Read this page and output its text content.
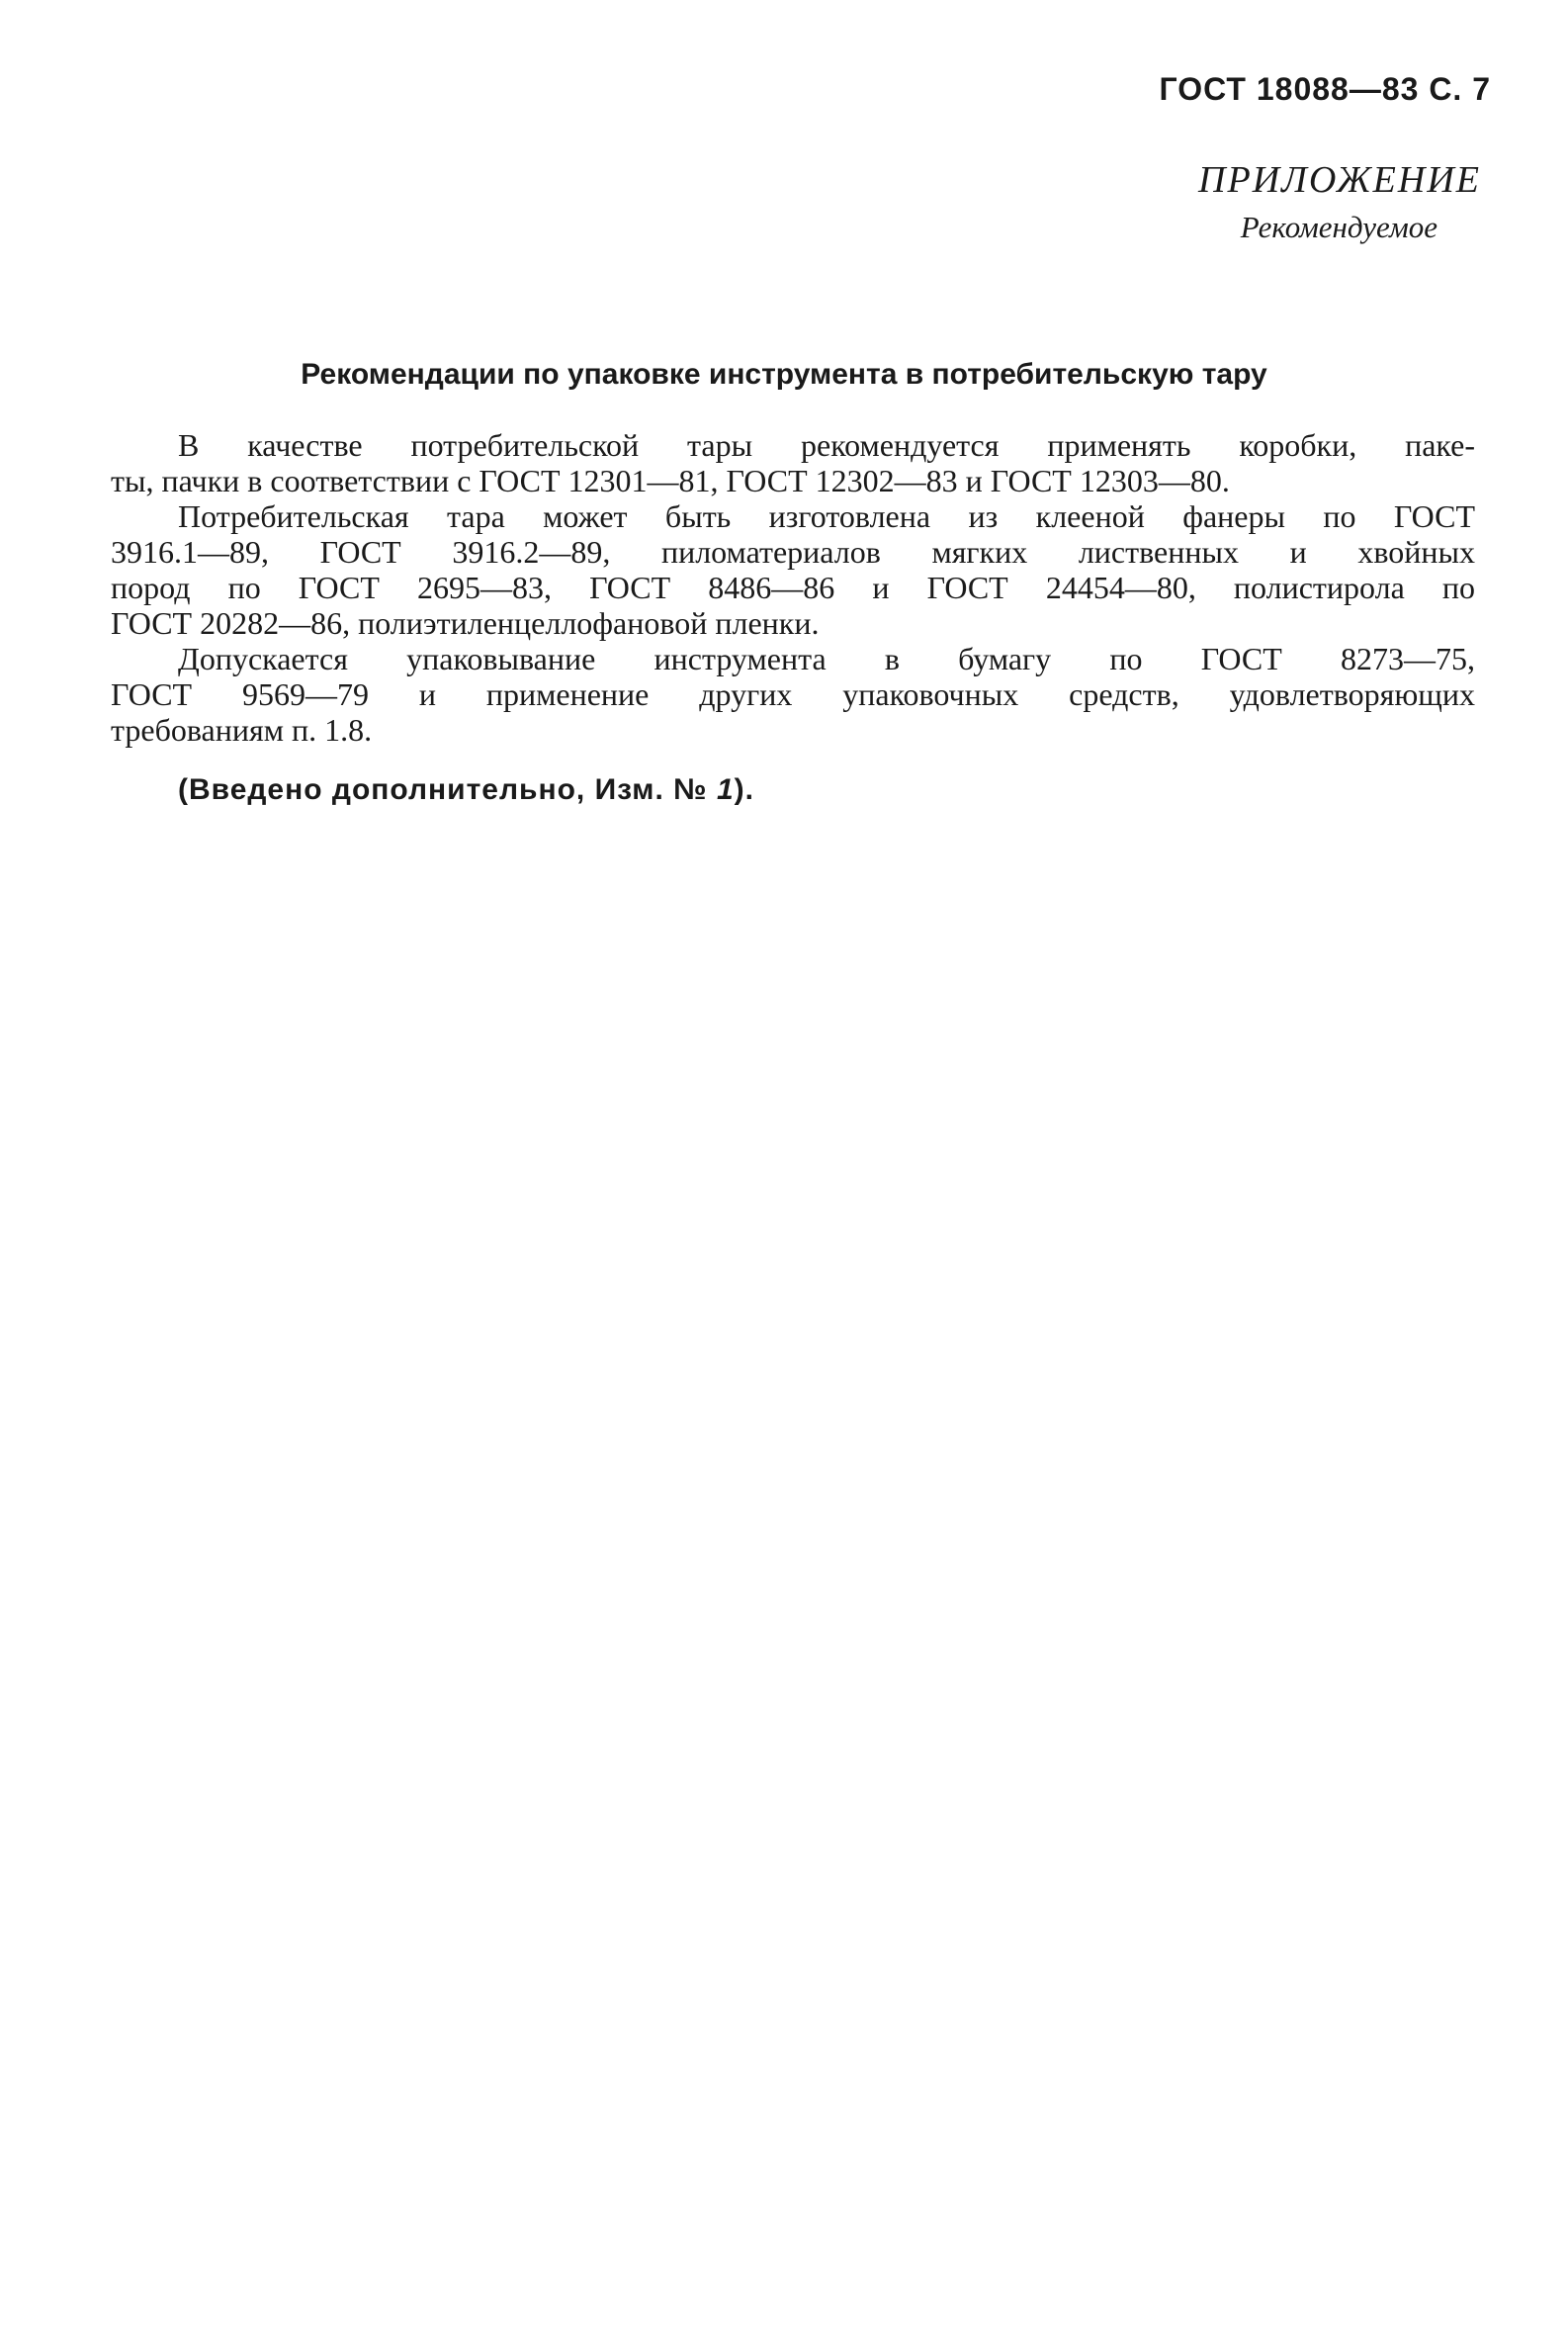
ГОСТ 18088—83 С. 7
ПРИЛОЖЕНИЕ
Рекомендуемое
Рекомендации по упаковке инструмента в потребительскую тару

В качестве потребительской тары рекомендуется применять коробки, паке-
ты, пачки в соответствии с ГОСТ 12301—81, ГОСТ 12302—83 и ГОСТ 12303—80.

Потребительская тара может быть изготовлена из клееной фанеры по ГОСТ
3916.1—89, ГОСТ 3916.2—89, пиломатериалов мягких лиственных и хвойных
пород по ГОСТ 2695—83, ГОСТ 8486—86 и ГОСТ 24454—80, полистирола по
ГОСТ 20282—86, полиэтиленцеллофановой пленки.

Допускается упаковывание инструмента в бумагу по ГОСТ 8273—75,
ГОСТ 9569—79 и применение других упаковочных средств, удовлетворяющих
требованиям п. 1.8.

(Введено дополнительно, Изм. № 1).
